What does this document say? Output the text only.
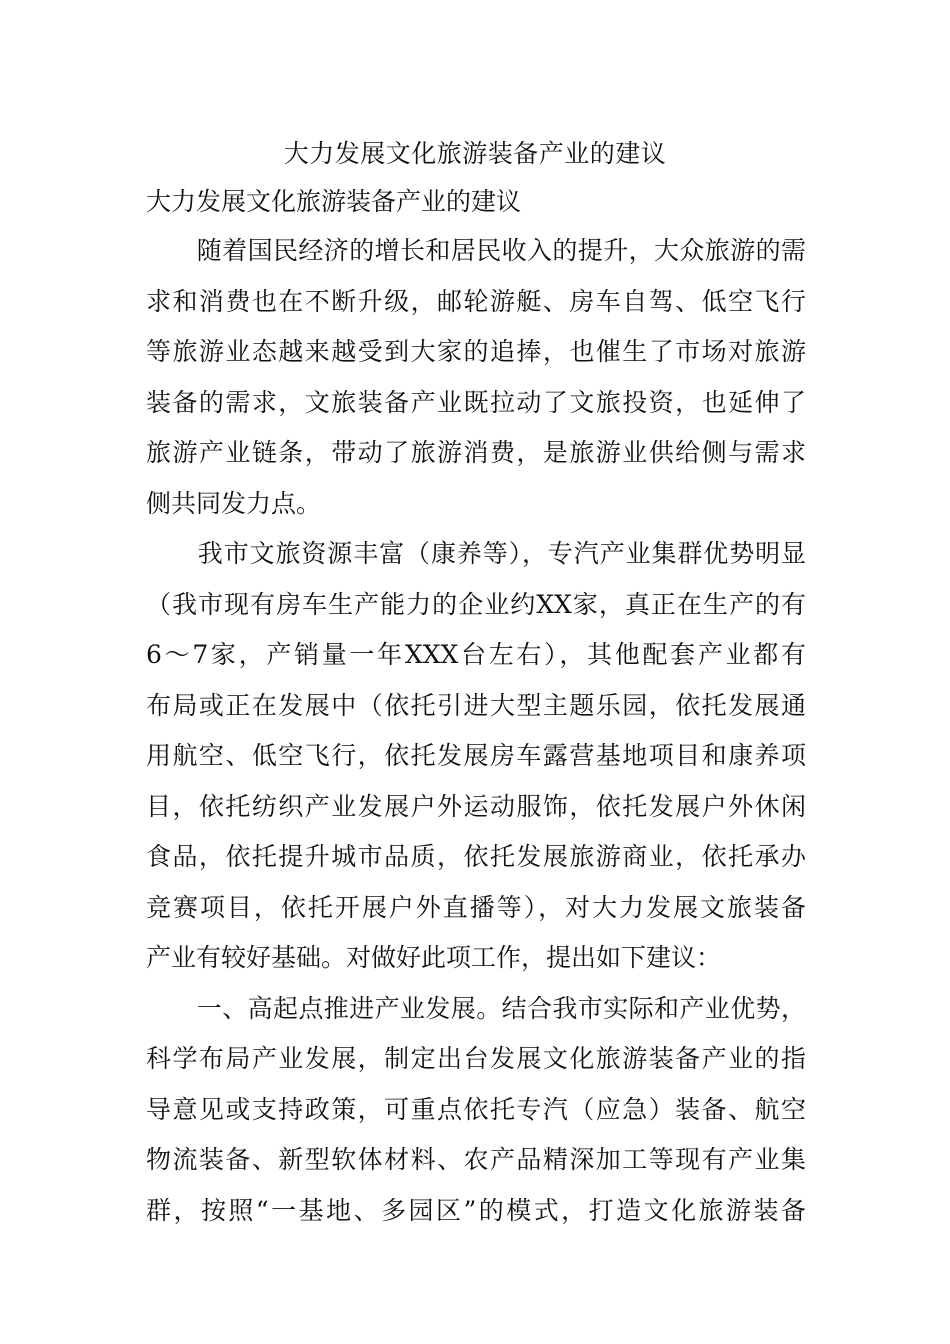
大力发展文化旅游装备产业的建议

大力发展文化旅游装备产业的建议

　　随着国民经济的增长和居民收入的提升，大众旅游的需

求和消费也在不断升级，邮轮游艇、房车自驾、低空飞行

等旅游业态越来越受到大家的追捧，也催生了市场对旅游

装备的需求，文旅装备产业既拉动了文旅投资，也延伸了

旅游产业链条，带动了旅游消费，是旅游业供给侧与需求

侧共同发力点。

　　我市文旅资源丰富（康养等），专汽产业集群优势明显

（我市现有房车生产能力的企业约XX家，真正在生产的有

6～7家，产销量一年XXX台左右），其他配套产业都有

布局或正在发展中（依托引进大型主题乐园，依托发展通

用航空、低空飞行，依托发展房车露营基地项目和康养项

目，依托纺织产业发展户外运动服饰，依托发展户外休闲

食品，依托提升城市品质，依托发展旅游商业，依托承办

竞赛项目，依托开展户外直播等），对大力发展文旅装备

产业有较好基础。对做好此项工作，提出如下建议：

　　一、高起点推进产业发展。结合我市实际和产业优势，

科学布局产业发展，制定出台发展文化旅游装备产业的指

导意见或支持政策，可重点依托专汽（应急）装备、航空

物流装备、新型软体材料、农产品精深加工等现有产业集

群，按照“一基地、多园区”的模式，打造文化旅游装备
